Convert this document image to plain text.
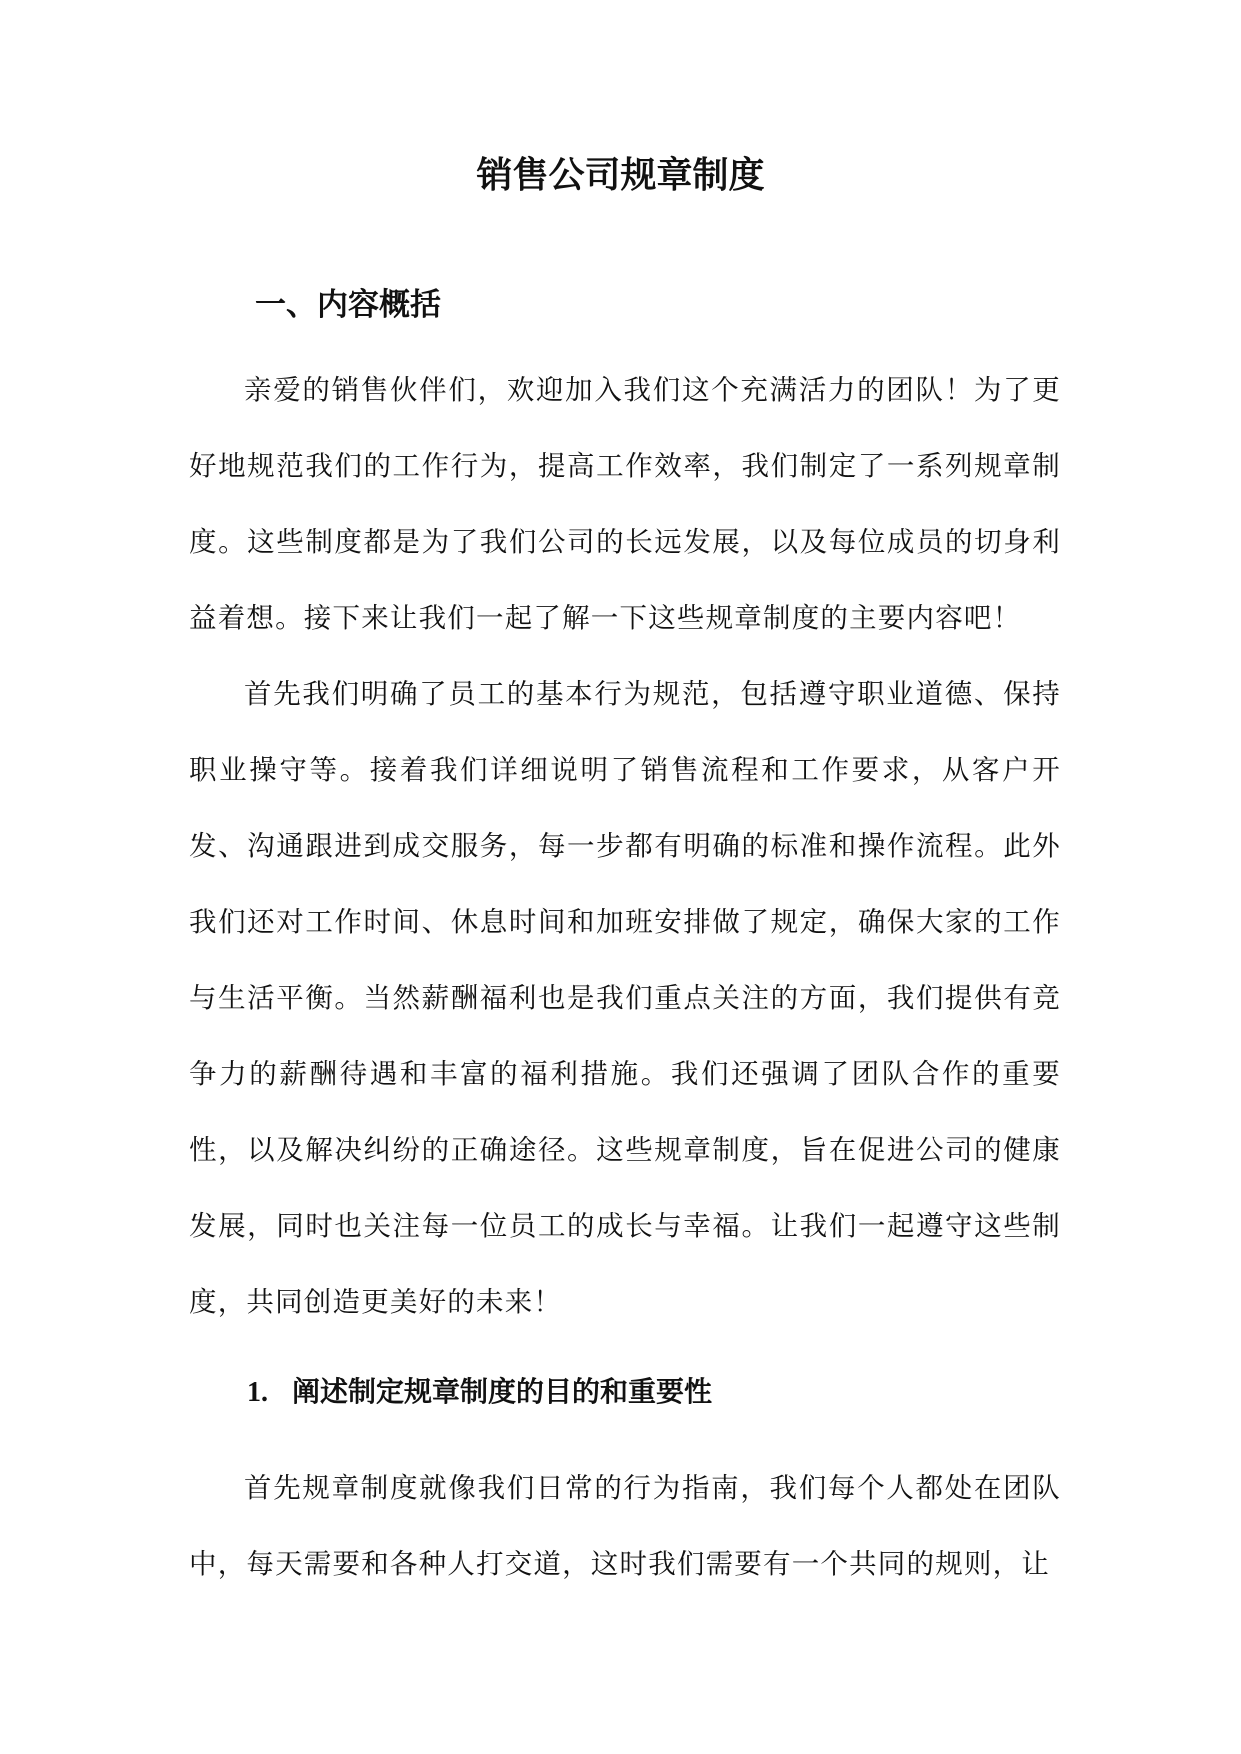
销售公司规章制度
一、内容概括

亲爱的销售伙伴们，欢迎加入我们这个充满活力的团队！为了更好地规范我们的工作行为，提高工作效率，我们制定了一系列规章制度。这些制度都是为了我们公司的长远发展，以及每位成员的切身利益着想。接下来让我们一起了解一下这些规章制度的主要内容吧！

首先我们明确了员工的基本行为规范，包括遵守职业道德、保持职业操守等。接着我们详细说明了销售流程和工作要求，从客户开发、沟通跟进到成交服务，每一步都有明确的标准和操作流程。此外我们还对工作时间、休息时间和加班安排做了规定，确保大家的工作与生活平衡。当然薪酬福利也是我们重点关注的方面，我们提供有竞争力的薪酬待遇和丰富的福利措施。我们还强调了团队合作的重要性，以及解决纠纷的正确途径。这些规章制度，旨在促进公司的健康发展，同时也关注每一位员工的成长与幸福。让我们一起遵守这些制度，共同创造更美好的未来！

1. 阐述制定规章制度的目的和重要性

首先规章制度就像我们日常的行为指南，我们每个人都处在团队中，每天需要和各种人打交道，这时我们需要有一个共同的规则，让
